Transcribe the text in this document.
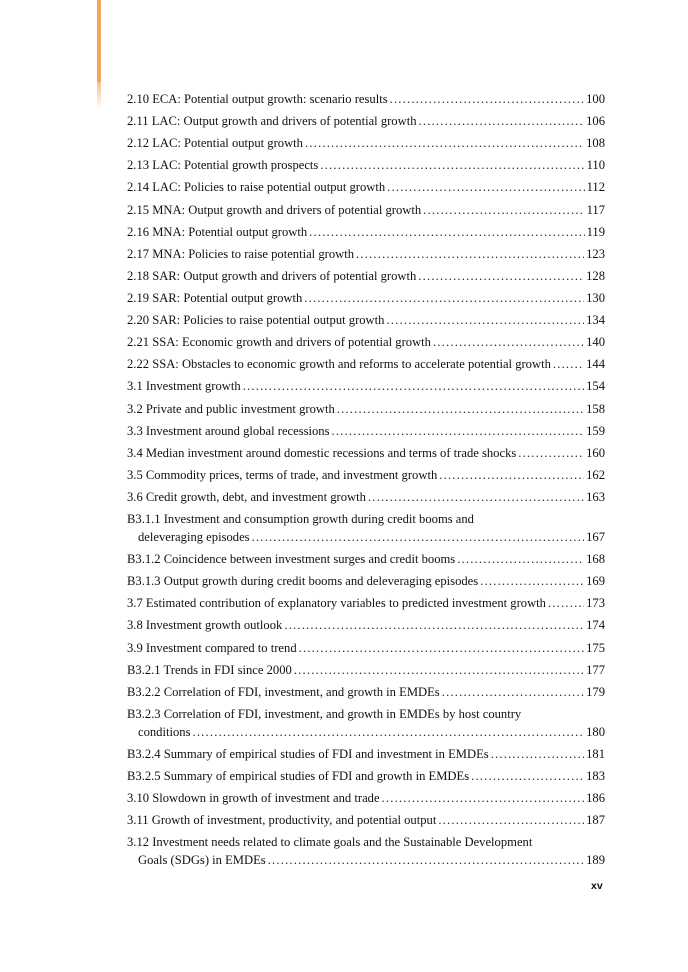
2.10 ECA: Potential output growth: scenario results .....	100
2.11 LAC: Output growth and drivers of potential growth .....	106
2.12 LAC: Potential output growth .....	108
2.13 LAC: Potential growth prospects .....	110
2.14 LAC: Policies to raise potential output growth .....	112
2.15 MNA: Output growth and drivers of potential growth .....	117
2.16 MNA: Potential output growth .....	119
2.17 MNA: Policies to raise potential growth .....	123
2.18 SAR: Output growth and drivers of potential growth .....	128
2.19 SAR: Potential output growth .....	130
2.20 SAR: Policies to raise potential output growth .....	134
2.21 SSA: Economic growth and drivers of potential growth .....	140
2.22 SSA: Obstacles to economic growth and reforms to accelerate potential growth .....	144
3.1 Investment growth .....	154
3.2 Private and public investment growth .....	158
3.3 Investment around global recessions .....	159
3.4 Median investment around domestic recessions and terms of trade shocks .....	160
3.5 Commodity prices, terms of trade, and investment growth .....	162
3.6 Credit growth, debt, and investment growth .....	163
B3.1.1 Investment and consumption growth during credit booms and
deleveraging episodes .....	167
B3.1.2 Coincidence between investment surges and credit booms .....	168
B3.1.3 Output growth during credit booms and deleveraging episodes .....	169
3.7 Estimated contribution of explanatory variables to predicted investment growth .....	173
3.8 Investment growth outlook .....	174
3.9 Investment compared to trend .....	175
B3.2.1 Trends in FDI since 2000 .....	177
B3.2.2 Correlation of FDI, investment, and growth in EMDEs .....	179
B3.2.3 Correlation of FDI, investment, and growth in EMDEs by host country
conditions .....	180
B3.2.4 Summary of empirical studies of FDI and investment in EMDEs .....	181
B3.2.5 Summary of empirical studies of FDI and growth in EMDEs .....	183
3.10 Slowdown in growth of investment and trade .....	186
3.11 Growth of investment, productivity, and potential output .....	187
3.12 Investment needs related to climate goals and the Sustainable Development
Goals (SDGs) in EMDEs .....	189
xv
